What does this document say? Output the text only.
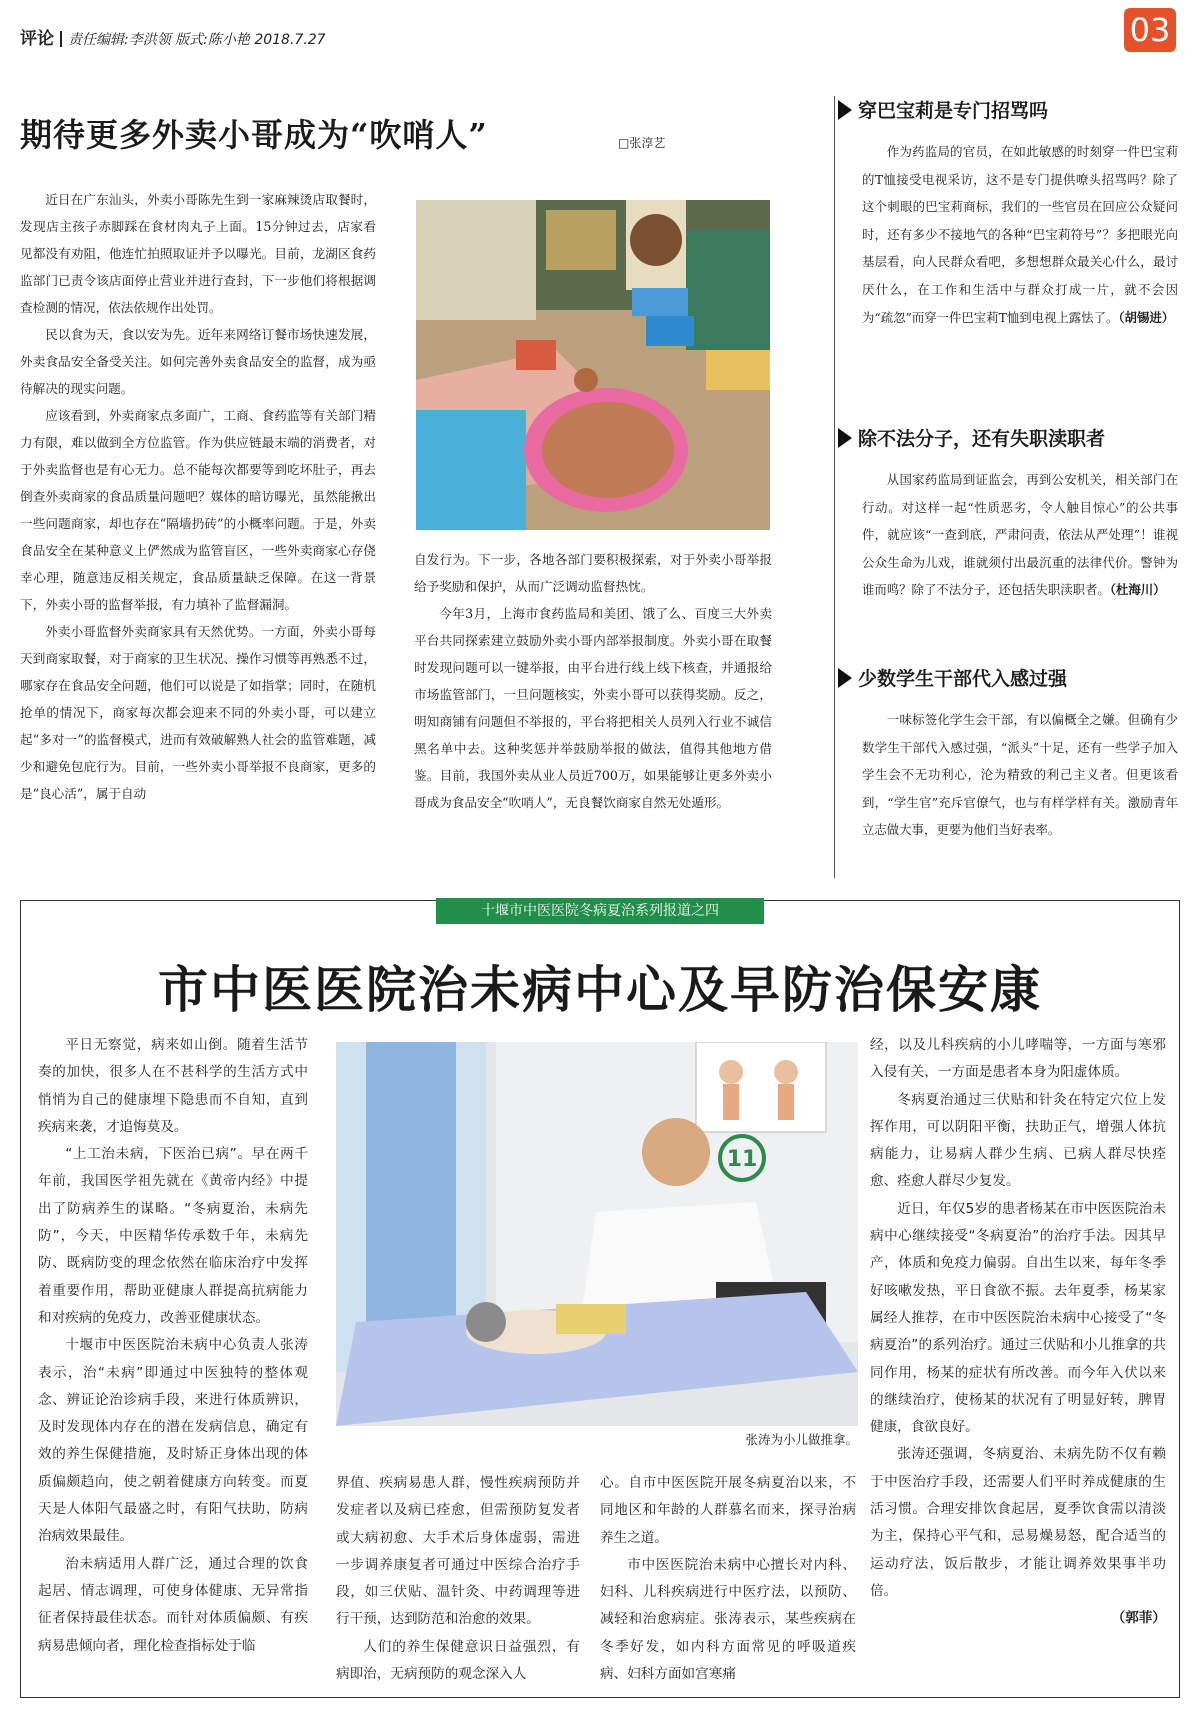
评论 责任编辑:李洪领 版式:陈小艳 2018.7.27	03
期待更多外卖小哥成为“吹哨人”	□张淳艺

近日在广东汕头，外卖小哥陈先生到一家麻辣烫店取餐时，发现店主孩子赤脚踩在食材肉丸子上面。15分钟过去，店家看见都没有劝阻，他连忙拍照取证并予以曝光。目前，龙湖区食药监部门已责令该店面停止营业并进行查封，下一步他们将根据调查检测的情况，依法依规作出处罚。

民以食为天，食以安为先。近年来网络订餐市场快速发展，外卖食品安全备受关注。如何完善外卖食品安全的监督，成为亟待解决的现实问题。

应该看到，外卖商家点多面广，工商、食药监等有关部门精力有限，难以做到全方位监管。作为供应链最末端的消费者，对于外卖监督也是有心无力。总不能每次都要等到吃坏肚子，再去倒查外卖商家的食品质量问题吧？媒体的暗访曝光，虽然能揪出一些问题商家，却也存在“隔墙扔砖”的小概率问题。于是，外卖食品安全在某种意义上俨然成为监管盲区，一些外卖商家心存侥幸心理，随意违反相关规定，食品质量缺乏保障。在这一背景下，外卖小哥的监督举报，有力填补了监督漏洞。

外卖小哥监督外卖商家具有天然优势。一方面，外卖小哥每天到商家取餐，对于商家的卫生状况、操作习惯等再熟悉不过，哪家存在食品安全问题，他们可以说是了如指掌；同时，在随机抢单的情况下，商家每次都会迎来不同的外卖小哥，可以建立起“多对一”的监督模式，进而有效破解熟人社会的监管难题，减少和避免包庇行为。目前，一些外卖小哥举报不良商家，更多的是“良心活”，属于自动

自发行为。下一步，各地各部门要积极探索，对于外卖小哥举报给予奖励和保护，从而广泛调动监督热忱。

今年3月，上海市食药监局和美团、饿了么、百度三大外卖平台共同探索建立鼓励外卖小哥内部举报制度。外卖小哥在取餐时发现问题可以一键举报，由平台进行线上线下核查，并通报给市场监管部门，一旦问题核实，外卖小哥可以获得奖励。反之，明知商铺有问题但不举报的，平台将把相关人员列入行业不诚信黑名单中去。这种奖惩并举鼓励举报的做法，值得其他地方借鉴。目前，我国外卖从业人员近700万，如果能够让更多外卖小哥成为食品安全“吹哨人”，无良餐饮商家自然无处遁形。

穿巴宝莉是专门招骂吗

作为药监局的官员，在如此敏感的时刻穿一件巴宝莉的T恤接受电视采访，这不是专门提供嘹头招骂吗？除了这个刺眼的巴宝莉商标，我们的一些官员在回应公众疑问时，还有多少不接地气的各种“巴宝莉符号”？多把眼光向基层看，向人民群众看吧，多想想群众最关心什么，最讨厌什么，在工作和生活中与群众打成一片，就不会因为“疏忽”而穿一件巴宝莉T恤到电视上露怯了。（胡锡进）

除不法分子，还有失职渎职者

从国家药监局到证监会，再到公安机关，相关部门在行动。对这样一起“性质恶劣，令人触目惊心”的公共事件，就应该“一查到底，严肃问责，依法从严处理”！谁视公众生命为儿戏，谁就须付出最沉重的法律代价。警钟为谁而鸣？除了不法分子，还包括失职渎职者。（杜海川）

少数学生干部代入感过强

一味标签化学生会干部，有以偏概全之嫌。但确有少数学生干部代入感过强，“派头”十足，还有一些学子加入学生会不无功利心，沦为精致的利己主义者。但更该看到，“学生官”充斥官僚气，也与有样学样有关。激励青年立志做大事，更要为他们当好表率。

十堰市中医医院冬病夏治系列报道之四
市中医医院治未病中心及早防治保安康

平日无察觉，病来如山倒。随着生活节奏的加快，很多人在不甚科学的生活方式中悄悄为自己的健康埋下隐患而不自知，直到疾病来袭，才追悔莫及。

“上工治未病，下医治已病”。早在两千年前，我国医学祖先就在《黄帝内经》中提出了防病养生的谋略。“冬病夏治，未病先防”，今天，中医精华传承数千年，未病先防、既病防变的理念依然在临床治疗中发挥着重要作用，帮助亚健康人群提高抗病能力和对疾病的免疫力，改善亚健康状态。

十堰市中医医院治未病中心负责人张涛表示，治“未病”即通过中医独特的整体观念、辨证论治诊病手段，来进行体质辨识，及时发现体内存在的潜在发病信息，确定有效的养生保健措施，及时矫正身体出现的体质偏颇趋向，使之朝着健康方向转变。而夏天是人体阳气最盛之时，有阳气扶助，防病治病效果最佳。

治未病适用人群广泛，通过合理的饮食起居、情志调理，可使身体健康、无异常指征者保持最佳状态。而针对体质偏颇、有疾病易患倾向者，理化检查指标处于临

11
张涛为小儿做推拿。

界值、疾病易患人群，慢性疾病预防并发症者以及病已痊愈，但需预防复发者或大病初愈、大手术后身体虚弱，需进一步调养康复者可通过中医综合治疗手段，如三伏贴、温针灸、中药调理等进行干预，达到防范和治愈的效果。

人们的养生保健意识日益强烈，有病即治，无病预防的观念深入人

心。自市中医医院开展冬病夏治以来，不同地区和年龄的人群慕名而来，探寻治病养生之道。

市中医医院治未病中心擅长对内科、妇科、儿科疾病进行中医疗法，以预防、减轻和治愈病症。张涛表示，某些疾病在冬季好发，如内科方面常见的呼吸道疾病、妇科方面如宫寒痛

经，以及儿科疾病的小儿哮喘等，一方面与寒邪入侵有关，一方面是患者本身为阳虚体质。

冬病夏治通过三伏贴和针灸在特定穴位上发挥作用，可以阴阳平衡，扶助正气，增强人体抗病能力，让易病人群少生病、已病人群尽快痊愈、痊愈人群尽少复发。

近日，年仅5岁的患者杨某在市中医医院治未病中心继续接受“冬病夏治”的治疗手法。因其早产，体质和免疫力偏弱。自出生以来，每年冬季好咳嗽发热，平日食欲不振。去年夏季，杨某家属经人推荐，在市中医医院治未病中心接受了“冬病夏治”的系列治疗。通过三伏贴和小儿推拿的共同作用，杨某的症状有所改善。而今年入伏以来的继续治疗，使杨某的状况有了明显好转，脾胃健康，食欲良好。

张涛还强调，冬病夏治、未病先防不仅有赖于中医治疗手段，还需要人们平时养成健康的生活习惯。合理安排饮食起居，夏季饮食需以清淡为主，保持心平气和，忌易燥易怒，配合适当的运动疗法，饭后散步，才能让调养效果事半功倍。

（郭菲）
